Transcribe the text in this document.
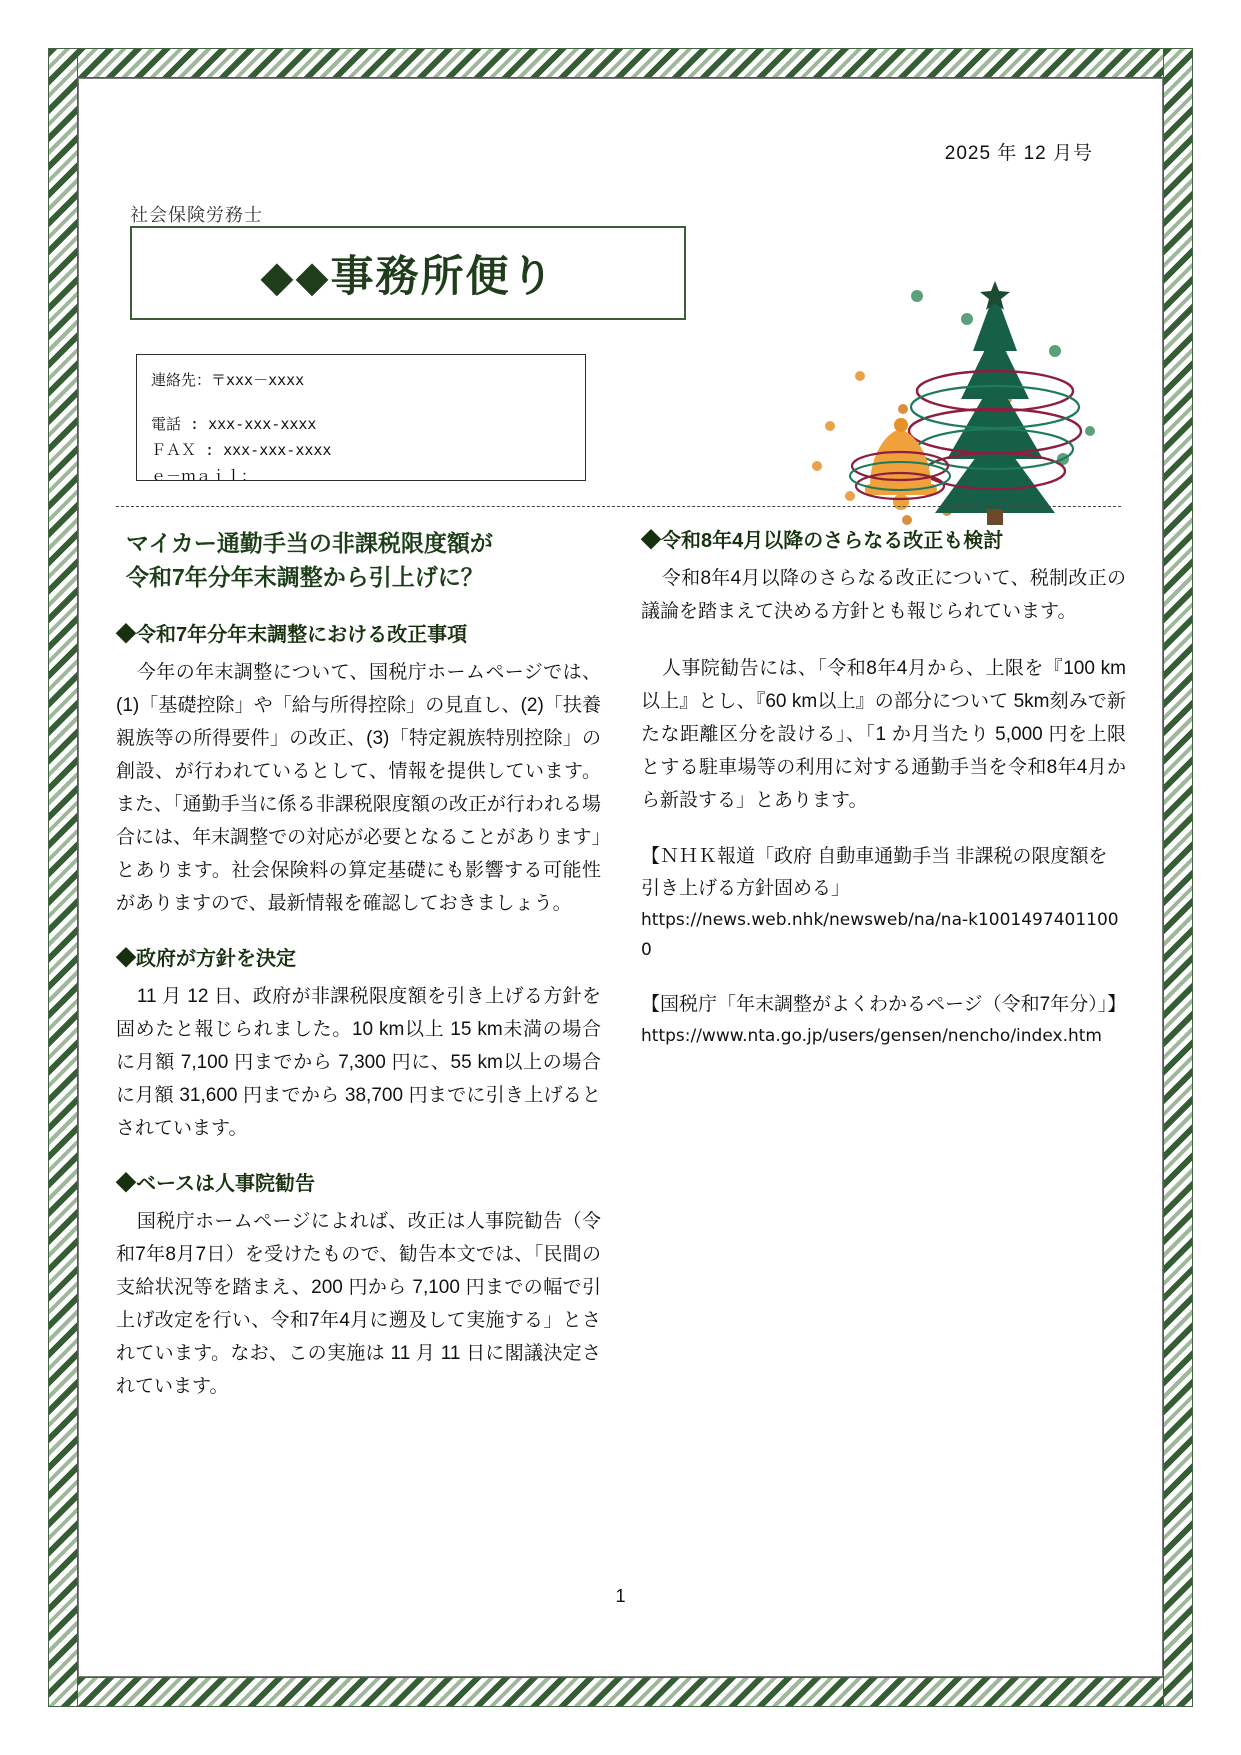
2025 年 12 月号
社会保険労務士
◆◆事務所便り
連絡先：〒xxx－xxxx
電話 : xxx-xxx-xxxx
ＦＡＸ : xxx-xxx-xxxx
ｅ－ｍａｉｌ：
マイカー通勤手当の非課税限度額が
令和7年分年末調整から引上げに？
◆令和7年分年末調整における改正事項

今年の年末調整について、国税庁ホームページでは、(1)「基礎控除」や「給与所得控除」の見直し、(2)「扶養親族等の所得要件」の改正、(3)「特定親族特別控除」の創設、が行われているとして、情報を提供しています。また、「通勤手当に係る非課税限度額の改正が行われる場合には、年末調整での対応が必要となることがあります」とあります。社会保険料の算定基礎にも影響する可能性がありますので、最新情報を確認しておきましょう。

◆政府が方針を決定

11 月 12 日、政府が非課税限度額を引き上げる方針を固めたと報じられました。10 km以上 15 km未満の場合に月額 7,100 円までから 7,300 円に、55 km以上の場合に月額 31,600 円までから 38,700 円までに引き上げるとされています。

◆ベースは人事院勧告

国税庁ホームページによれば、改正は人事院勧告（令和7年8月7日）を受けたもので、勧告本文では、「民間の支給状況等を踏まえ、200 円から 7,100 円までの幅で引上げ改定を行い、令和7年4月に遡及して実施する」とされています。なお、この実施は 11 月 11 日に閣議決定されています。

◆令和8年4月以降のさらなる改正も検討

令和8年4月以降のさらなる改正について、税制改正の議論を踏まえて決める方針とも報じられています。

人事院勧告には、「令和8年4月から、上限を『100 km以上』とし、『60 km以上』の部分について 5km刻みで新たな距離区分を設ける」、「1 か月当たり 5,000 円を上限とする駐車場等の利用に対する通勤手当を令和8年4月から新設する」とあります。

【ＮＨＫ報道「政府 自動車通勤手当 非課税の限度額を引き上げる方針固める」

https://news.web.nhk/newsweb/na/na-k10014974011000

【国税庁「年末調整がよくわかるページ（令和7年分）」】

https://www.nta.go.jp/users/gensen/nencho/index.htm

1
